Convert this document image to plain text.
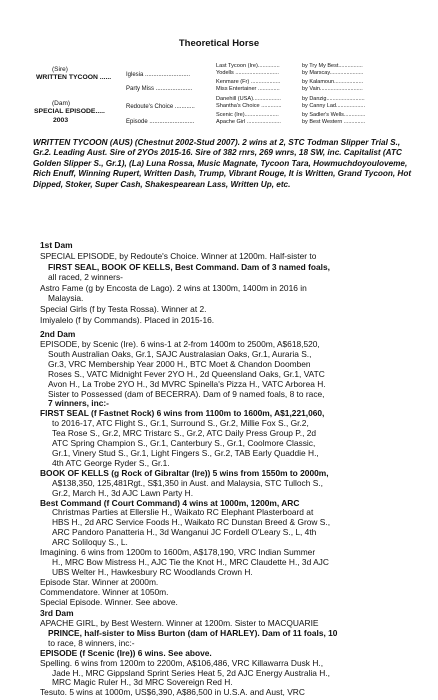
Theoretical Horse
(Sire)
WRITTEN TYCOON ......
(Dam)
SPECIAL EPISODE.....
2003
Iglesia ...........................
Party Miss ......................
Redoute's Choice ............
Episode ...........................
Last Tycoon (Ire)..............
Yodells ............................
Kenmare (Fr) ...................
Miss Entertainer ..............
Danehill (USA)..................
Shantha's Choice .............
Scenic (Ire)......................
Apache Girl ......................
by Try My Best................
by Marscay......................
by Kalamoun...................
by Vain............................
by Danzig.........................
by Canny Lad...................
by Sadler's Wells..............
by Best Western ..............
WRITTEN TYCOON (AUS) (Chestnut 2002-Stud 2007). 2 wins at 2, STC Todman Slipper Trial S., Gr.2. Leading Aust. Sire of 2YOs 2015-16. Sire of 382 rnrs, 269 wnrs, 18 SW, inc. Capitalist (ATC Golden Slipper S., Gr.1), (La) Luna Rossa, Music Magnate, Tycoon Tara, Howmuchdoyouloveme, Rich Enuff, Winning Rupert, Written Dash, Trump, Vibrant Rouge, It is Written, Grand Tycoon, Hot Dipped, Stoker, Super Cash, Shakespearean Lass, Written Up, etc.
1st Dam
SPECIAL EPISODE, by Redoute's Choice. Winner at 1200m. Half-sister to
FIRST SEAL, BOOK OF KELLS, Best Command. Dam of 3 named foals,
all raced, 2 winners-
Astro Fame (g by Encosta de Lago). 2 wins at 1300m, 1400m in 2016 in
Malaysia.
Special Girls (f by Testa Rossa). Winner at 2.
Imiyalelo (f by Commands). Placed in 2015-16.
2nd Dam
EPISODE, by Scenic (Ire). 6 wins-1 at 2-from 1400m to 2500m, A$618,520,
South Australian Oaks, Gr.1, SAJC Australasian Oaks, Gr.1, Auraria S.,
Gr.3, VRC Membership Year 2000 H., BTC Moet & Chandon Doomben
Roses S., VATC Midnight Fever 2YO H., 2d Queensland Oaks, Gr.1, VATC
Avon H., La Trobe 2YO H., 3d MVRC Spinella's Pizza H., VATC Arborea H.
Sister to Possessed (dam of BECERRA). Dam of 9 named foals, 8 to race,
7 winners, inc:-
FIRST SEAL (f Fastnet Rock) 6 wins from 1100m to 1600m, A$1,221,060,
to 2016-17, ATC Flight S., Gr.1, Surround S., Gr.2, Millie Fox S., Gr.2,
Tea Rose S., Gr.2, MRC Tristarc S., Gr.2, ATC Daily Press Group P., 2d
ATC Spring Champion S., Gr.1, Canterbury S., Gr.1, Coolmore Classic,
Gr.1, Vinery Stud S., Gr.1, Light Fingers S., Gr.2, TAB Early Quaddie H.,
4th ATC George Ryder S., Gr.1.
BOOK OF KELLS (g Rock of Gibraltar (Ire)) 5 wins from 1550m to 2000m,
A$138,350, 125,481Rgt., S$1,350 in Aust. and Malaysia, STC Tulloch S.,
Gr.2, March H., 3d AJC Lawn Party H.
Best Command (f Court Command) 4 wins at 1000m, 1200m, ARC
Christmas Parties at Ellerslie H., Waikato RC Elephant Plasterboard at
HBS H., 2d ARC Service Foods H., Waikato RC Dunstan Breed & Grow S.,
ARC Pandoro Panatteria H., 3d Wanganui JC Fordell O'Leary S., L, 4th
ARC Soliloquy S., L.
Imagining. 6 wins from 1200m to 1600m, A$178,190, VRC Indian Summer
H., MRC Bow Mistress H., AJC Tie the Knot H., MRC Claudette H., 3d AJC
UBS Welter H., Hawkesbury RC Woodlands Crown H.
Episode Star. Winner at 2000m.
Commendatore. Winner at 1050m.
Special Episode. Winner. See above.
3rd Dam
APACHE GIRL, by Best Western. Winner at 1200m. Sister to MACQUARIE
PRINCE, half-sister to Miss Burton (dam of HARLEY). Dam of 11 foals, 10
to race, 8 winners, inc:-
EPISODE (f Scenic (Ire)) 6 wins. See above.
Spelling. 6 wins from 1200m to 2200m, A$106,486, VRC Killawarra Dusk H.,
Jade H., MRC Gippsland Sprint Series Heat 5, 2d AJC Energy Australia H.,
MRC Magic Ruler H., 3d MRC Sovereign Red H.
Tesuto. 5 wins at 1000m, US$6,390, A$86,500 in U.S.A. and Aust, VRC
